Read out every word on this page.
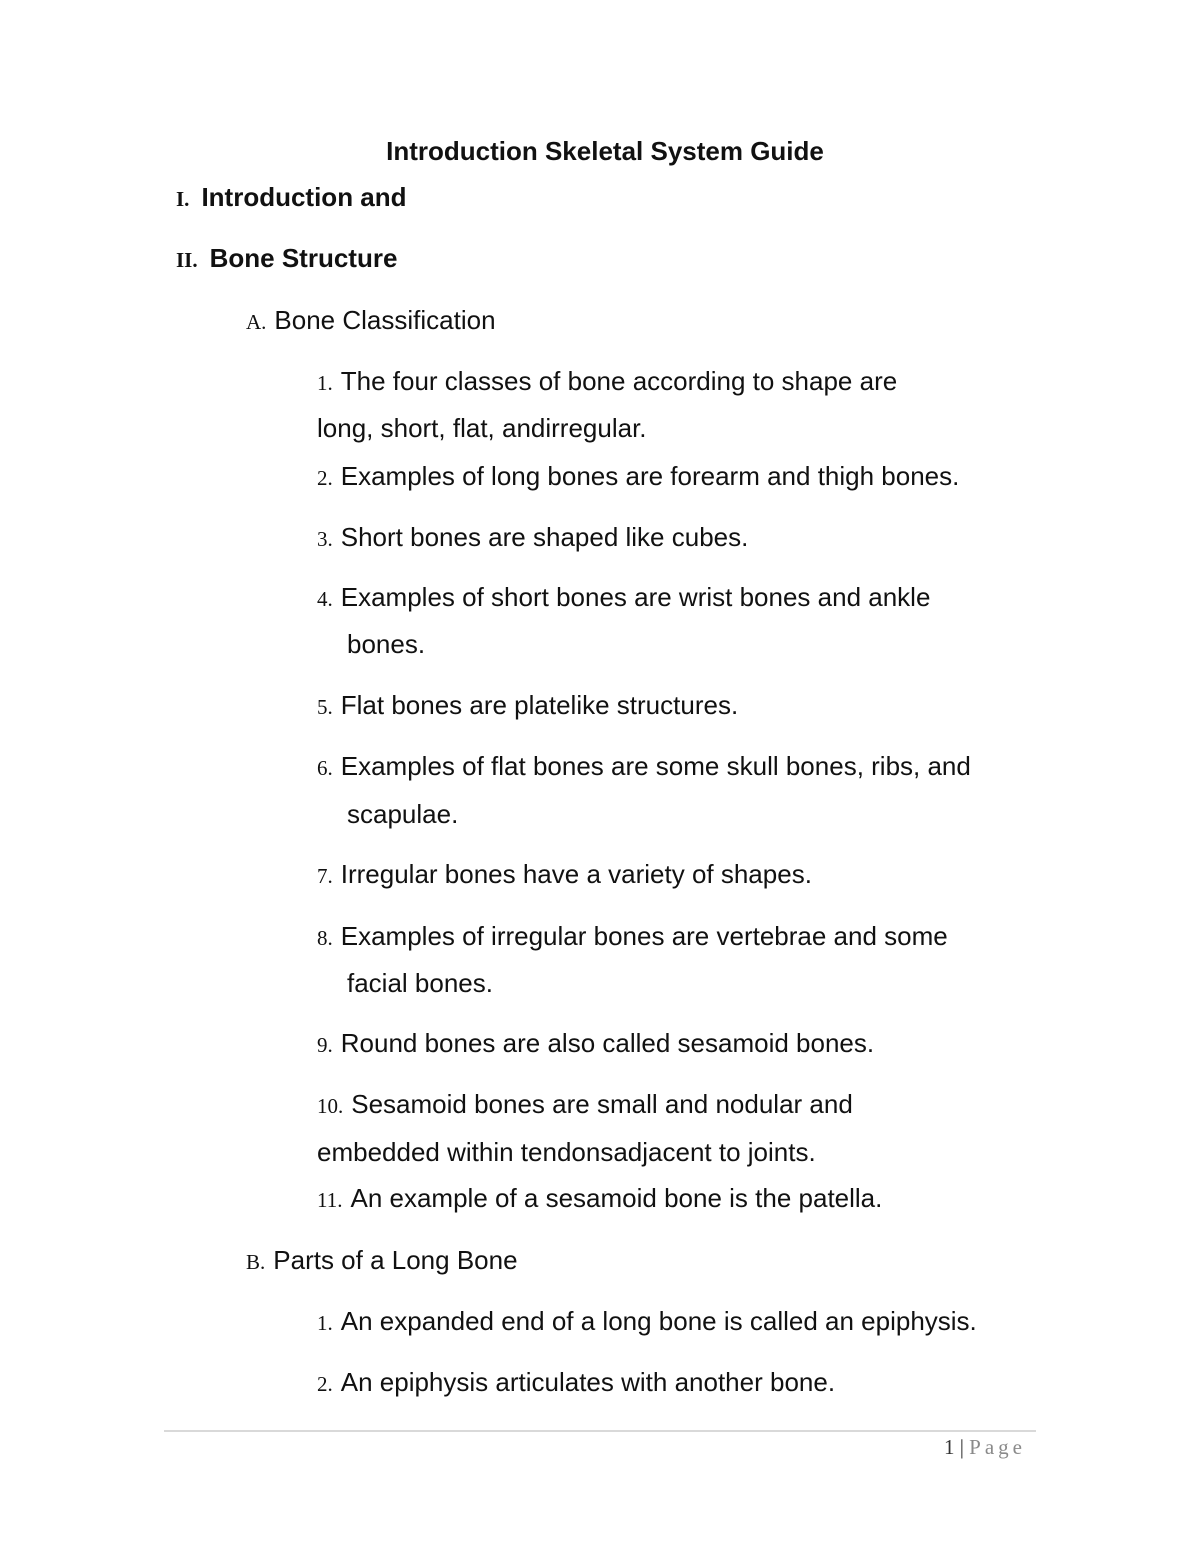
Introduction Skeletal System Guide
I. Introduction and
II. Bone Structure
A. Bone Classification
1. The four classes of bone according to shape are
long, short, flat, andirregular.
2. Examples of long bones are forearm and thigh bones.
3. Short bones are shaped like cubes.
4. Examples of short bones are wrist bones and ankle
bones.
5. Flat bones are platelike structures.
6. Examples of flat bones are some skull bones, ribs, and
scapulae.
7. Irregular bones have a variety of shapes.
8. Examples of irregular bones are vertebrae and some
facial bones.
9. Round bones are also called sesamoid bones.
10. Sesamoid bones are small and nodular and
embedded within tendonsadjacent to joints.
11. An example of a sesamoid bone is the patella.
B. Parts of a Long Bone
1. An expanded end of a long bone is called an epiphysis.
2. An epiphysis articulates with another bone.
1 | Page
